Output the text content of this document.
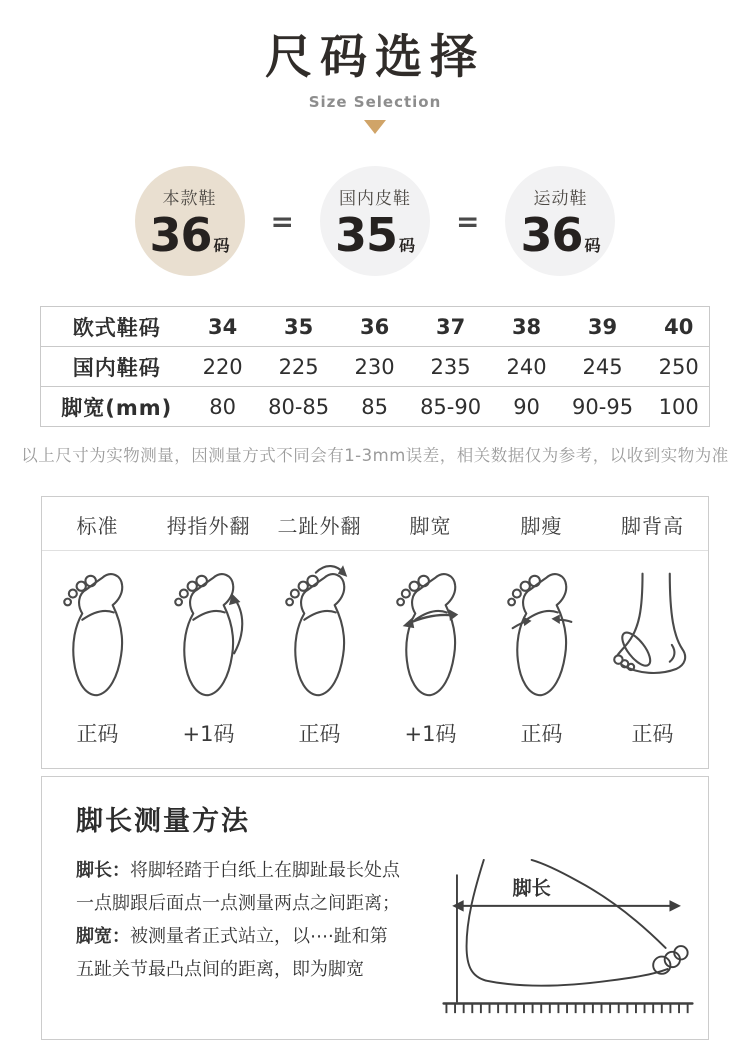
尺码选择
Size Selection
本款鞋
36 码
=
国内皮鞋
35 码
=
运动鞋
36 码
欧式鞋码	34	35	36	37	38	39	40
国内鞋码	220	225	230	235	240	245	250
脚宽(mm)	80	80-85	85	85-90	90	90-95	100
以上尺寸为实物测量，因测量方式不同会有1-3mm误差，相关数据仅为参考，以收到实物为准
标准	拇指外翻	二趾外翻	脚宽	脚瘦	脚背高
正码	+1码	正码	+1码	正码	正码
脚长测量方法
脚长：将脚轻踏于白纸上在脚趾最长处点
一点脚跟后面点一点测量两点之间距离；
脚宽：被测量者正式站立，以⋯·趾和第
五趾关节最凸点间的距离，即为脚宽
脚长
